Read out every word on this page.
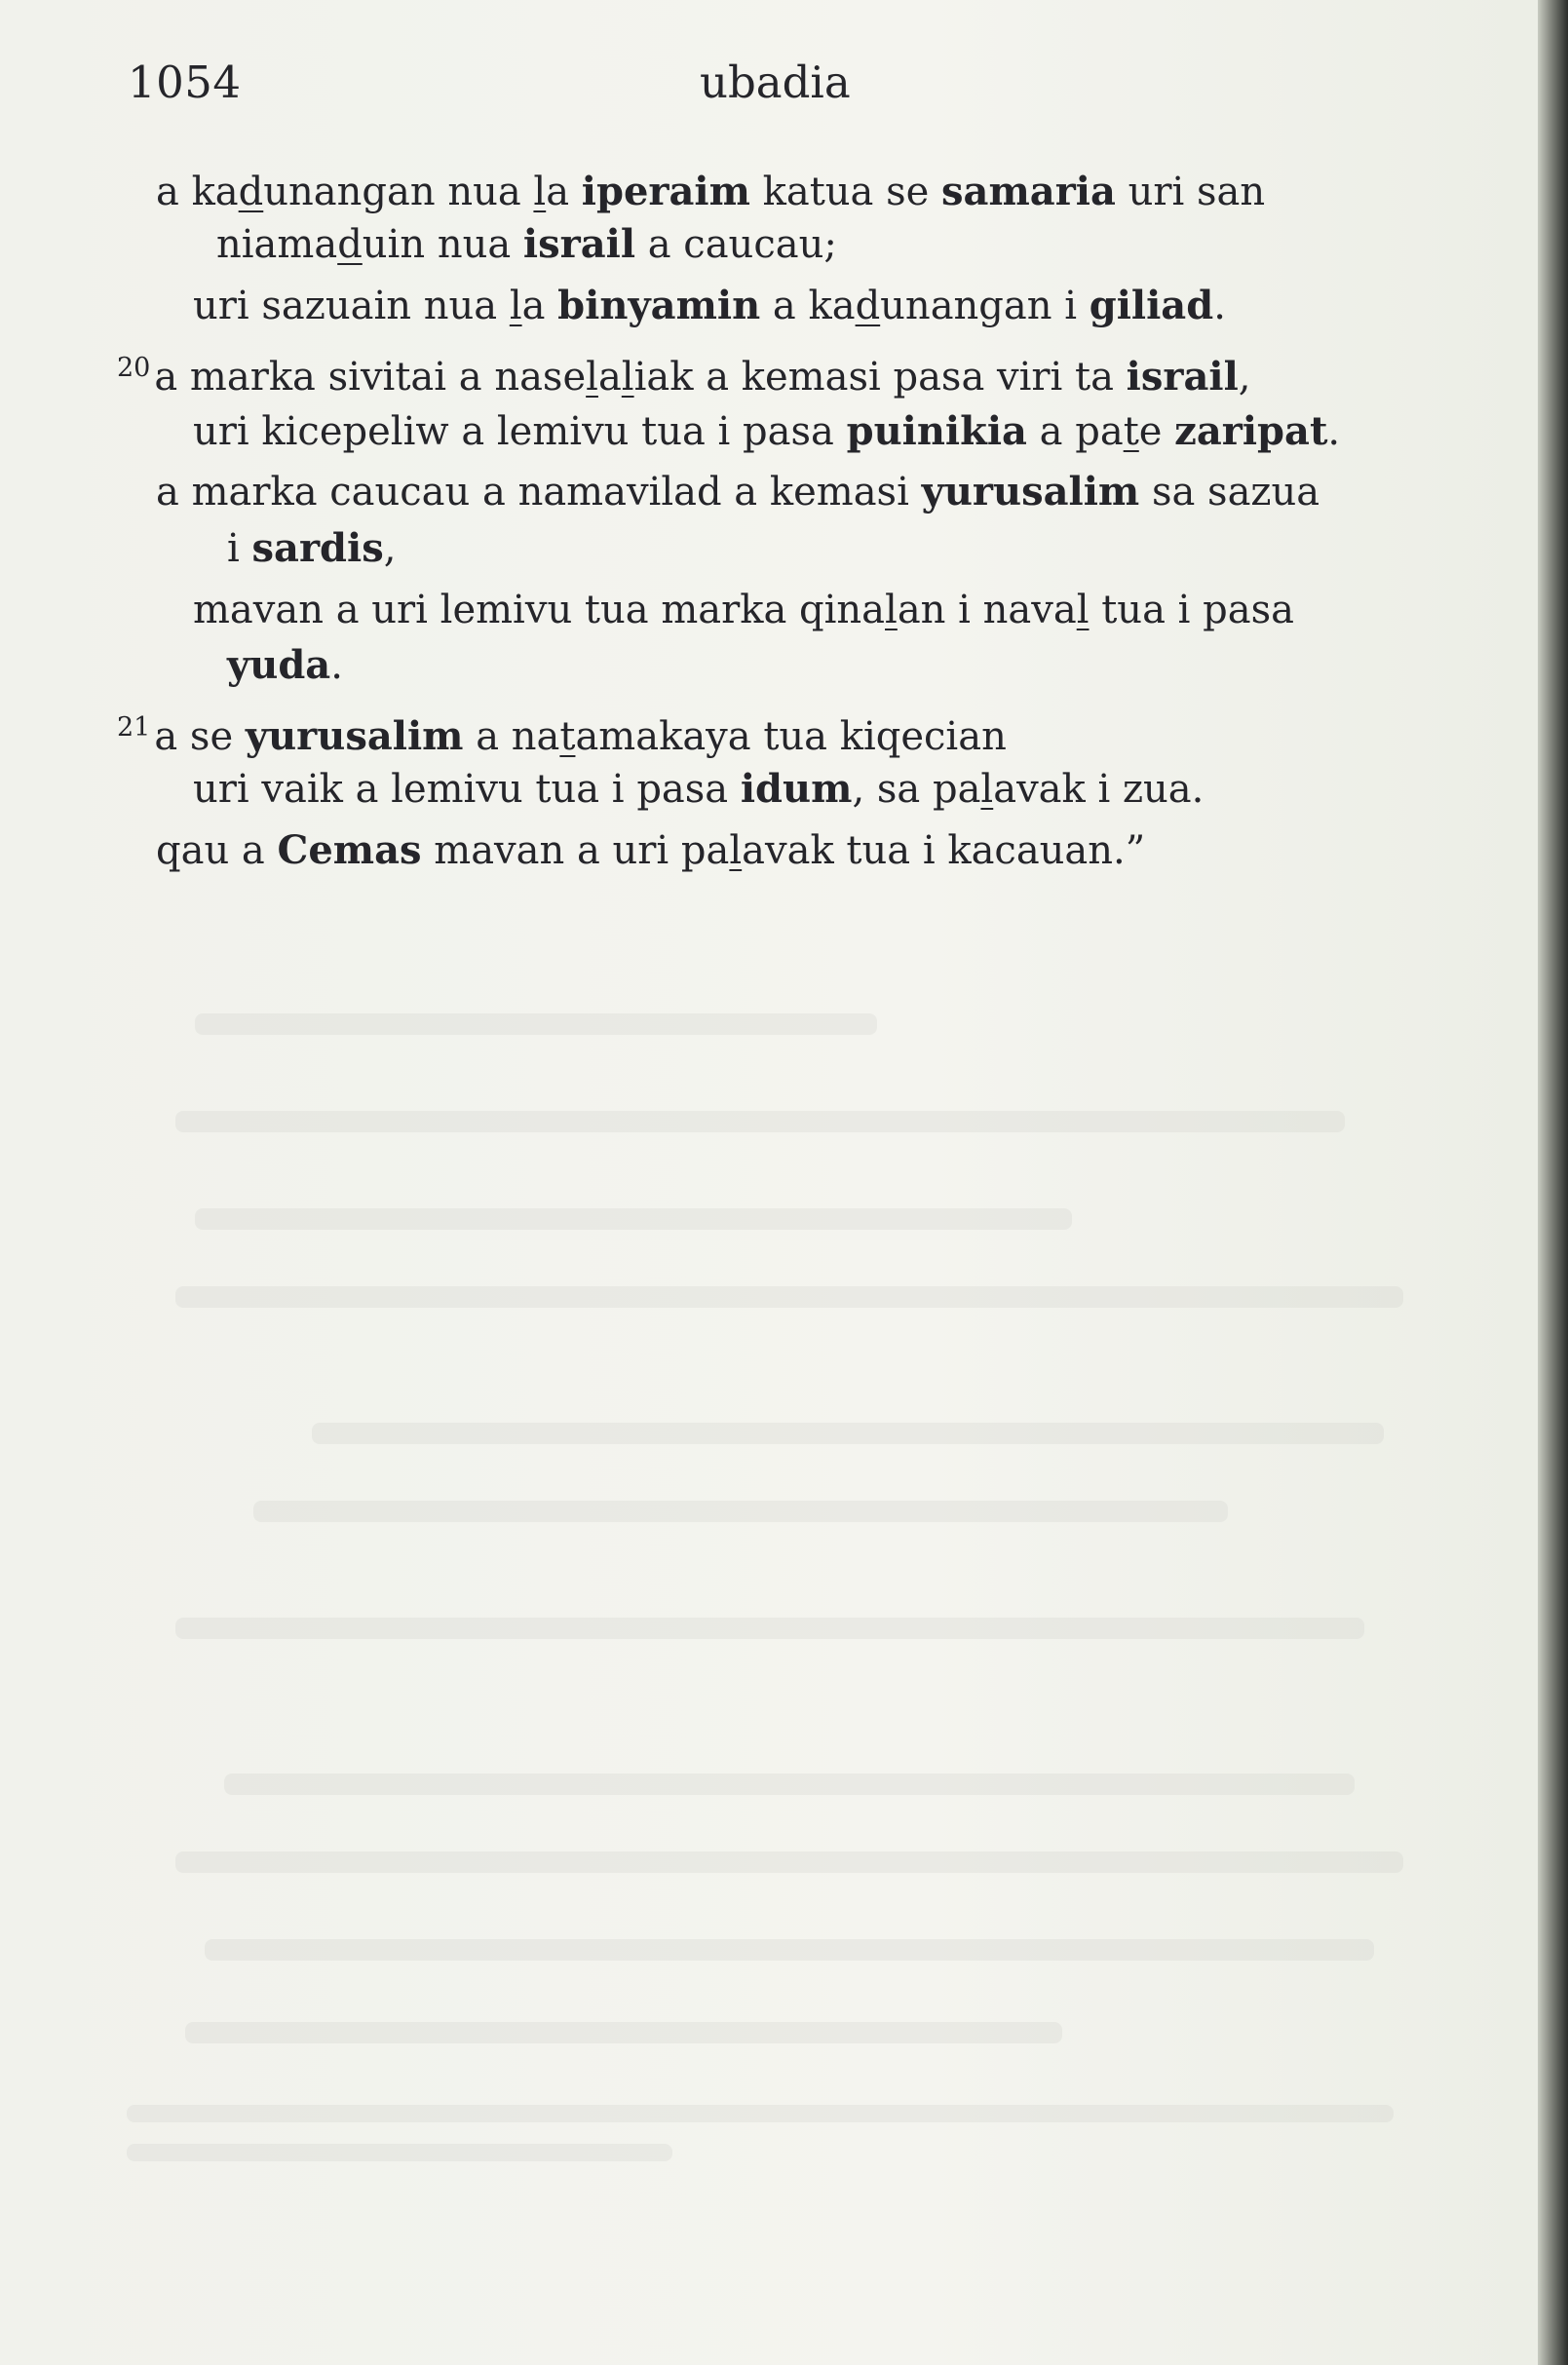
1054	ubadia
a kadunangan nua la iperaim katua se samaria uri san
niamaduin nua israil a caucau;
uri sazuain nua la binyamin a kadunangan i giliad.
$^{20}$ a marka sivitai a naselaliak a kemasi pasa viri ta israil,
uri kicepeliw a lemivu tua i pasa puinikia a pate zaripat.
a marka caucau a namavilad a kemasi yurusalim sa sazua
i sardis,
mavan a uri lemivu tua marka qinalan i naval tua i pasa
yuda.
$^{21}$ a se yurusalim a natamakaya tua kiqecian
uri vaik a lemivu tua i pasa idum, sa palavak i zua.
qau a Cemas mavan a uri palavak tua i kacauan.”
